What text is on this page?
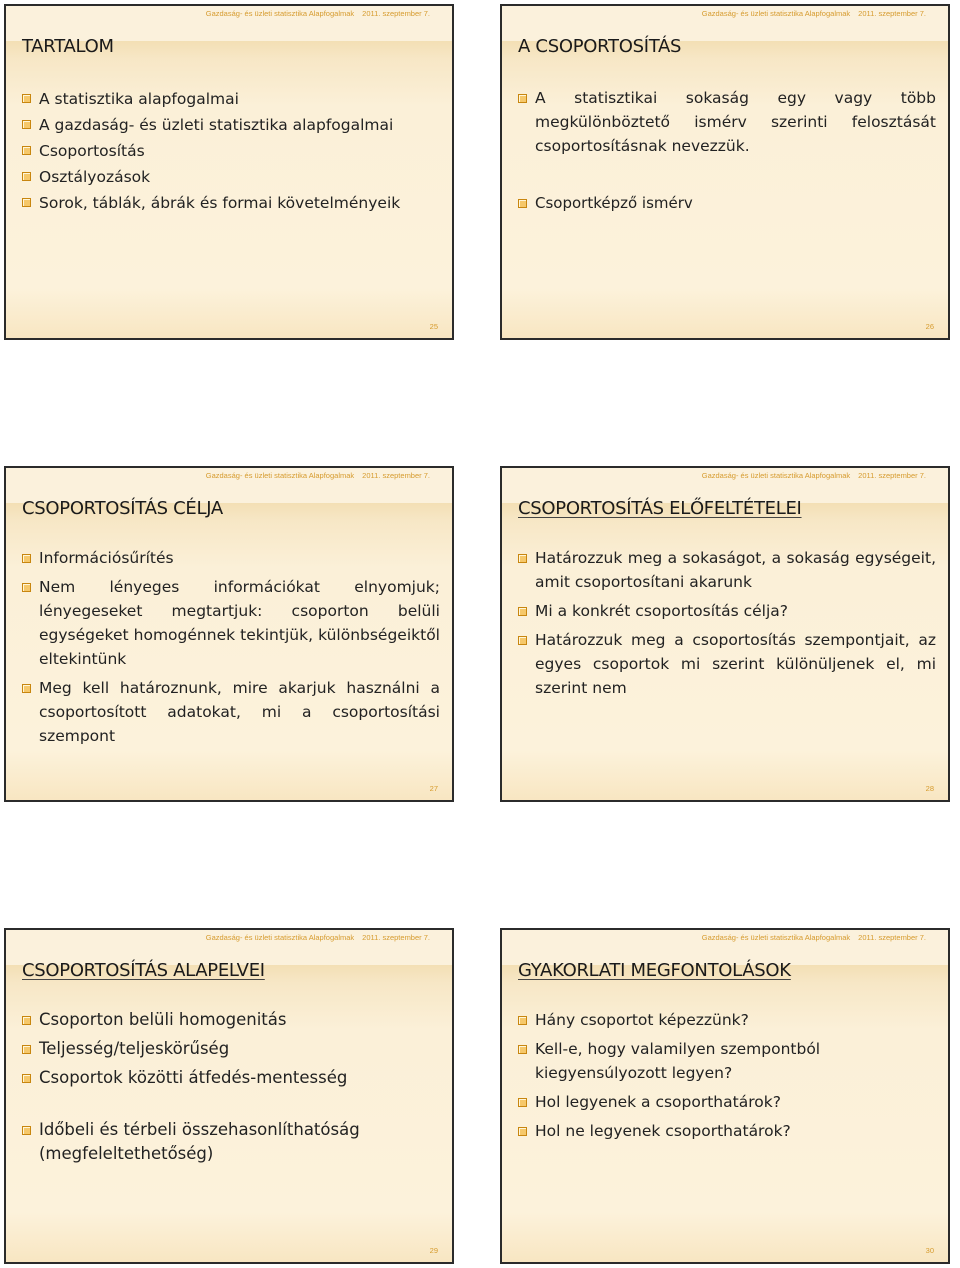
Gazdaság- és üzleti statisztika Alapfogalmak 2011. szeptember 7.
TARTALOM
A statisztika alapfogalmai
A gazdaság- és üzleti statisztika alapfogalmai
Csoportosítás
Osztályozások
Sorok, táblák, ábrák és formai követelményeik
25
Gazdaság- és üzleti statisztika Alapfogalmak 2011. szeptember 7.
A CSOPORTOSÍTÁS
A statisztikai sokaság egy vagy több megkülönböztető ismérv szerinti felosztását csoportosításnak nevezzük.
Csoportképző ismérv
26
Gazdaság- és üzleti statisztika Alapfogalmak 2011. szeptember 7.
CSOPORTOSÍTÁS CÉLJA
Információsűrítés
Nem lényeges információkat elnyomjuk; lényegeseket megtartjuk: csoporton belüli egységeket homogénnek tekintjük, különbségeiktől eltekintünk
Meg kell határoznunk, mire akarjuk használni a csoportosított adatokat, mi a csoportosítási szempont
27
Gazdaság- és üzleti statisztika Alapfogalmak 2011. szeptember 7.
CSOPORTOSÍTÁS ELŐFELTÉTELEI
Határozzuk meg a sokaságot, a sokaság egységeit, amit csoportosítani akarunk
Mi a konkrét csoportosítás célja?
Határozzuk meg a csoportosítás szempontjait, az egyes csoportok mi szerint különüljenek el, mi szerint nem
28
Gazdaság- és üzleti statisztika Alapfogalmak 2011. szeptember 7.
CSOPORTOSÍTÁS ALAPELVEI
Csoporton belüli homogenitás
Teljesség/teljeskörűség
Csoportok közötti átfedés-mentesség
Időbeli és térbeli összehasonlíthatóság (megfeleltethetőség)
29
Gazdaság- és üzleti statisztika Alapfogalmak 2011. szeptember 7.
GYAKORLATI MEGFONTOLÁSOK
Hány csoportot képezzünk?
Kell-e, hogy valamilyen szempontból kiegyensúlyozott legyen?
Hol legyenek a csoporthatárok?
Hol ne legyenek csoporthatárok?
30
